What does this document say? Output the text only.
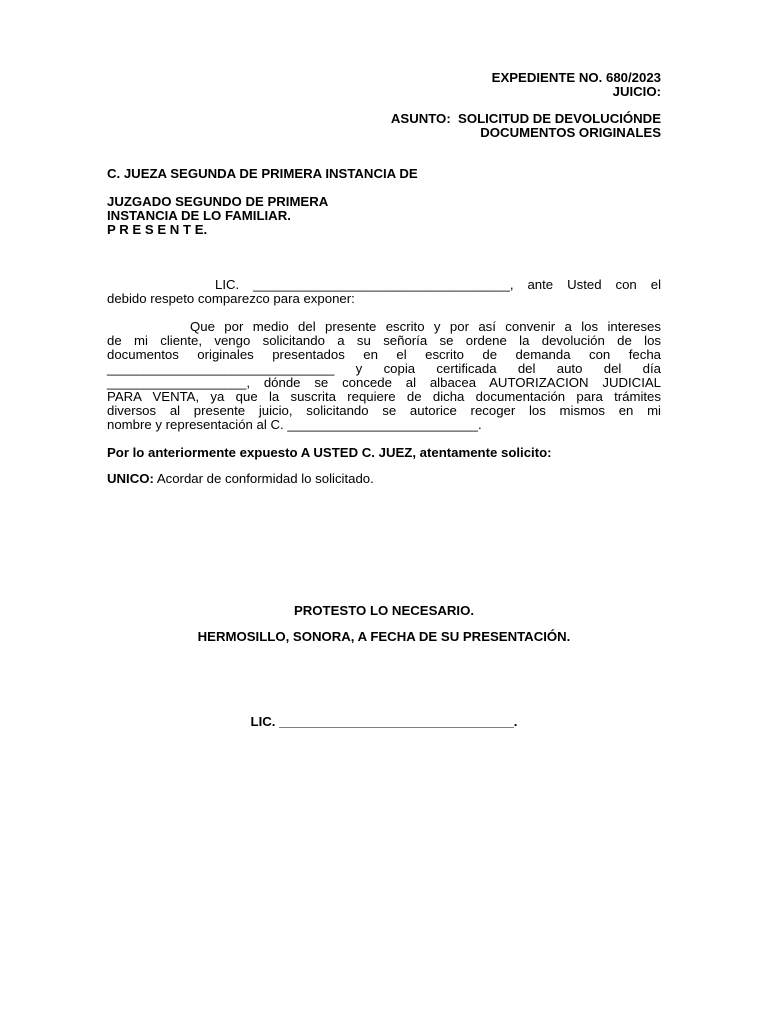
EXPEDIENTE NO. 680/2023
JUICIO:
ASUNTO:  SOLICITUD DE DEVOLUCIÓNDE
DOCUMENTOS ORIGINALES
C. JUEZA SEGUNDA DE PRIMERA INSTANCIA DE
JUZGADO SEGUNDO DE PRIMERA
INSTANCIA DE LO FAMILIAR.
P R E S E N T E.
LIC. ___________________________________, ante Usted con el
debido respeto comparezco para exponer:
Que por medio del presente escrito y por así convenir a los intereses
de mi cliente, vengo solicitando a su señoría se ordene la devolución de los
documentos originales presentados en el escrito de demanda con fecha
_______________________________ y copia certificada del auto del día
___________________, dónde se concede al albacea AUTORIZACION JUDICIAL
PARA VENTA, ya que la suscrita requiere de dicha documentación para trámites
diversos al presente juicio, solicitando se autorice recoger los mismos en mi
nombre y representación al C. __________________________.
Por lo anteriormente expuesto A USTED C. JUEZ, atentamente solicito:
UNICO: Acordar de conformidad lo solicitado.
PROTESTO LO NECESARIO.
HERMOSILLO, SONORA, A FECHA DE SU PRESENTACIÓN.
LIC. ________________________________.
